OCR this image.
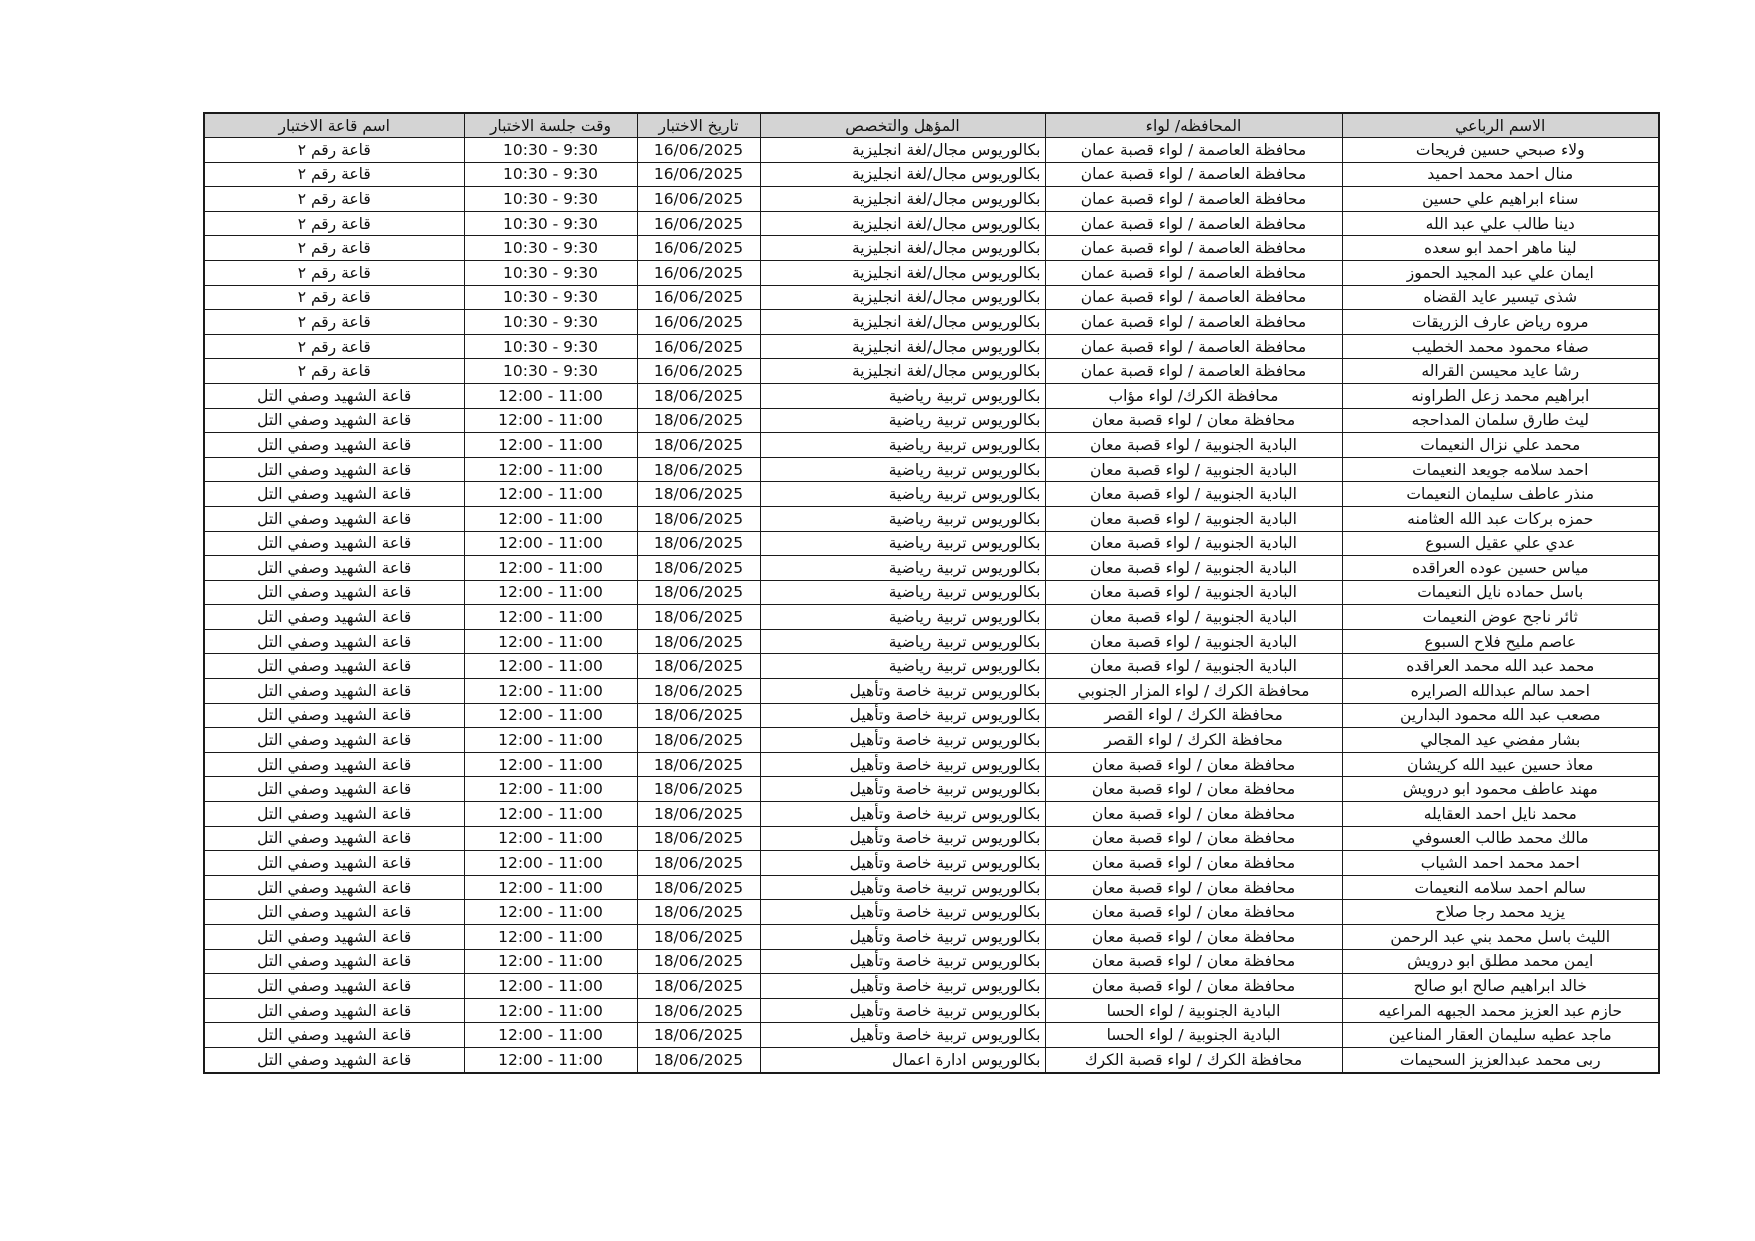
الاسم الرباعي	المحافظه/ لواء	المؤهل والتخصص	تاريخ الاختبار	وقت جلسة الاختبار	اسم قاعة الاختبار
ولاء صبحي حسين فريحات	محافظة العاصمة / لواء قصبة عمان	بكالوريوس مجال/لغة انجليزية	16/06/2025	10:30 - 9:30	قاعة رقم ٢
منال احمد محمد احميد	محافظة العاصمة / لواء قصبة عمان	بكالوريوس مجال/لغة انجليزية	16/06/2025	10:30 - 9:30	قاعة رقم ٢
سناء ابراهيم علي حسين	محافظة العاصمة / لواء قصبة عمان	بكالوريوس مجال/لغة انجليزية	16/06/2025	10:30 - 9:30	قاعة رقم ٢
دينا طالب علي عبد الله	محافظة العاصمة / لواء قصبة عمان	بكالوريوس مجال/لغة انجليزية	16/06/2025	10:30 - 9:30	قاعة رقم ٢
لينا ماهر احمد ابو سعده	محافظة العاصمة / لواء قصبة عمان	بكالوريوس مجال/لغة انجليزية	16/06/2025	10:30 - 9:30	قاعة رقم ٢
ايمان علي عبد المجيد الحموز	محافظة العاصمة / لواء قصبة عمان	بكالوريوس مجال/لغة انجليزية	16/06/2025	10:30 - 9:30	قاعة رقم ٢
شذى تيسير عايد القضاه	محافظة العاصمة / لواء قصبة عمان	بكالوريوس مجال/لغة انجليزية	16/06/2025	10:30 - 9:30	قاعة رقم ٢
مروه رياض عارف الزريقات	محافظة العاصمة / لواء قصبة عمان	بكالوريوس مجال/لغة انجليزية	16/06/2025	10:30 - 9:30	قاعة رقم ٢
صفاء محمود محمد الخطيب	محافظة العاصمة / لواء قصبة عمان	بكالوريوس مجال/لغة انجليزية	16/06/2025	10:30 - 9:30	قاعة رقم ٢
رشا عايد محيسن القراله	محافظة العاصمة / لواء قصبة عمان	بكالوريوس مجال/لغة انجليزية	16/06/2025	10:30 - 9:30	قاعة رقم ٢
ابراهيم محمد زعل الطراونه	محافظة الكرك/ لواء مؤاب	بكالوريوس تربية رياضية	18/06/2025	12:00 - 11:00	قاعة الشهيد وصفي التل
ليث طارق سلمان المداحجه	محافظة معان / لواء قصبة معان	بكالوريوس تربية رياضية	18/06/2025	12:00 - 11:00	قاعة الشهيد وصفي التل
محمد علي نزال النعيمات	البادية الجنوبية / لواء قصبة معان	بكالوريوس تربية رياضية	18/06/2025	12:00 - 11:00	قاعة الشهيد وصفي التل
احمد سلامه جويعد النعيمات	البادية الجنوبية / لواء قصبة معان	بكالوريوس تربية رياضية	18/06/2025	12:00 - 11:00	قاعة الشهيد وصفي التل
منذر عاطف سليمان النعيمات	البادية الجنوبية / لواء قصبة معان	بكالوريوس تربية رياضية	18/06/2025	12:00 - 11:00	قاعة الشهيد وصفي التل
حمزه بركات عبد الله العثامنه	البادية الجنوبية / لواء قصبة معان	بكالوريوس تربية رياضية	18/06/2025	12:00 - 11:00	قاعة الشهيد وصفي التل
عدي علي عقيل السبوع	البادية الجنوبية / لواء قصبة معان	بكالوريوس تربية رياضية	18/06/2025	12:00 - 11:00	قاعة الشهيد وصفي التل
مياس حسين عوده العراقده	البادية الجنوبية / لواء قصبة معان	بكالوريوس تربية رياضية	18/06/2025	12:00 - 11:00	قاعة الشهيد وصفي التل
باسل حماده نايل النعيمات	البادية الجنوبية / لواء قصبة معان	بكالوريوس تربية رياضية	18/06/2025	12:00 - 11:00	قاعة الشهيد وصفي التل
ثائر ناجح عوض النعيمات	البادية الجنوبية / لواء قصبة معان	بكالوريوس تربية رياضية	18/06/2025	12:00 - 11:00	قاعة الشهيد وصفي التل
عاصم مليح فلاح السبوع	البادية الجنوبية / لواء قصبة معان	بكالوريوس تربية رياضية	18/06/2025	12:00 - 11:00	قاعة الشهيد وصفي التل
محمد عبد الله محمد العراقده	البادية الجنوبية / لواء قصبة معان	بكالوريوس تربية رياضية	18/06/2025	12:00 - 11:00	قاعة الشهيد وصفي التل
احمد سالم عبدالله الصرايره	محافظة الكرك / لواء المزار الجنوبي	بكالوريوس تربية خاصة وتأهيل	18/06/2025	12:00 - 11:00	قاعة الشهيد وصفي التل
مصعب عبد الله محمود البدارين	محافظة الكرك / لواء القصر	بكالوريوس تربية خاصة وتأهيل	18/06/2025	12:00 - 11:00	قاعة الشهيد وصفي التل
بشار مفضي عيد المجالي	محافظة الكرك / لواء القصر	بكالوريوس تربية خاصة وتأهيل	18/06/2025	12:00 - 11:00	قاعة الشهيد وصفي التل
معاذ حسين عبيد الله كريشان	محافظة معان / لواء قصبة معان	بكالوريوس تربية خاصة وتأهيل	18/06/2025	12:00 - 11:00	قاعة الشهيد وصفي التل
مهند عاطف محمود ابو درويش	محافظة معان / لواء قصبة معان	بكالوريوس تربية خاصة وتأهيل	18/06/2025	12:00 - 11:00	قاعة الشهيد وصفي التل
محمد نايل احمد العقايله	محافظة معان / لواء قصبة معان	بكالوريوس تربية خاصة وتأهيل	18/06/2025	12:00 - 11:00	قاعة الشهيد وصفي التل
مالك محمد طالب العسوفي	محافظة معان / لواء قصبة معان	بكالوريوس تربية خاصة وتأهيل	18/06/2025	12:00 - 11:00	قاعة الشهيد وصفي التل
احمد محمد احمد الشياب	محافظة معان / لواء قصبة معان	بكالوريوس تربية خاصة وتأهيل	18/06/2025	12:00 - 11:00	قاعة الشهيد وصفي التل
سالم احمد سلامه النعيمات	محافظة معان / لواء قصبة معان	بكالوريوس تربية خاصة وتأهيل	18/06/2025	12:00 - 11:00	قاعة الشهيد وصفي التل
يزيد محمد رجا صلاح	محافظة معان / لواء قصبة معان	بكالوريوس تربية خاصة وتأهيل	18/06/2025	12:00 - 11:00	قاعة الشهيد وصفي التل
الليث باسل محمد بني عبد الرحمن	محافظة معان / لواء قصبة معان	بكالوريوس تربية خاصة وتأهيل	18/06/2025	12:00 - 11:00	قاعة الشهيد وصفي التل
ايمن محمد مطلق ابو درويش	محافظة معان / لواء قصبة معان	بكالوريوس تربية خاصة وتأهيل	18/06/2025	12:00 - 11:00	قاعة الشهيد وصفي التل
خالد ابراهيم صالح ابو صالح	محافظة معان / لواء قصبة معان	بكالوريوس تربية خاصة وتأهيل	18/06/2025	12:00 - 11:00	قاعة الشهيد وصفي التل
حازم عبد العزيز محمد الجبهه المراعيه	البادية الجنوبية / لواء الحسا	بكالوريوس تربية خاصة وتأهيل	18/06/2025	12:00 - 11:00	قاعة الشهيد وصفي التل
ماجد عطيه سليمان العقار المناعين	البادية الجنوبية / لواء الحسا	بكالوريوس تربية خاصة وتأهيل	18/06/2025	12:00 - 11:00	قاعة الشهيد وصفي التل
ربى محمد عبدالعزيز السحيمات	محافظة الكرك / لواء قصبة الكرك	بكالوريوس ادارة اعمال	18/06/2025	12:00 - 11:00	قاعة الشهيد وصفي التل
